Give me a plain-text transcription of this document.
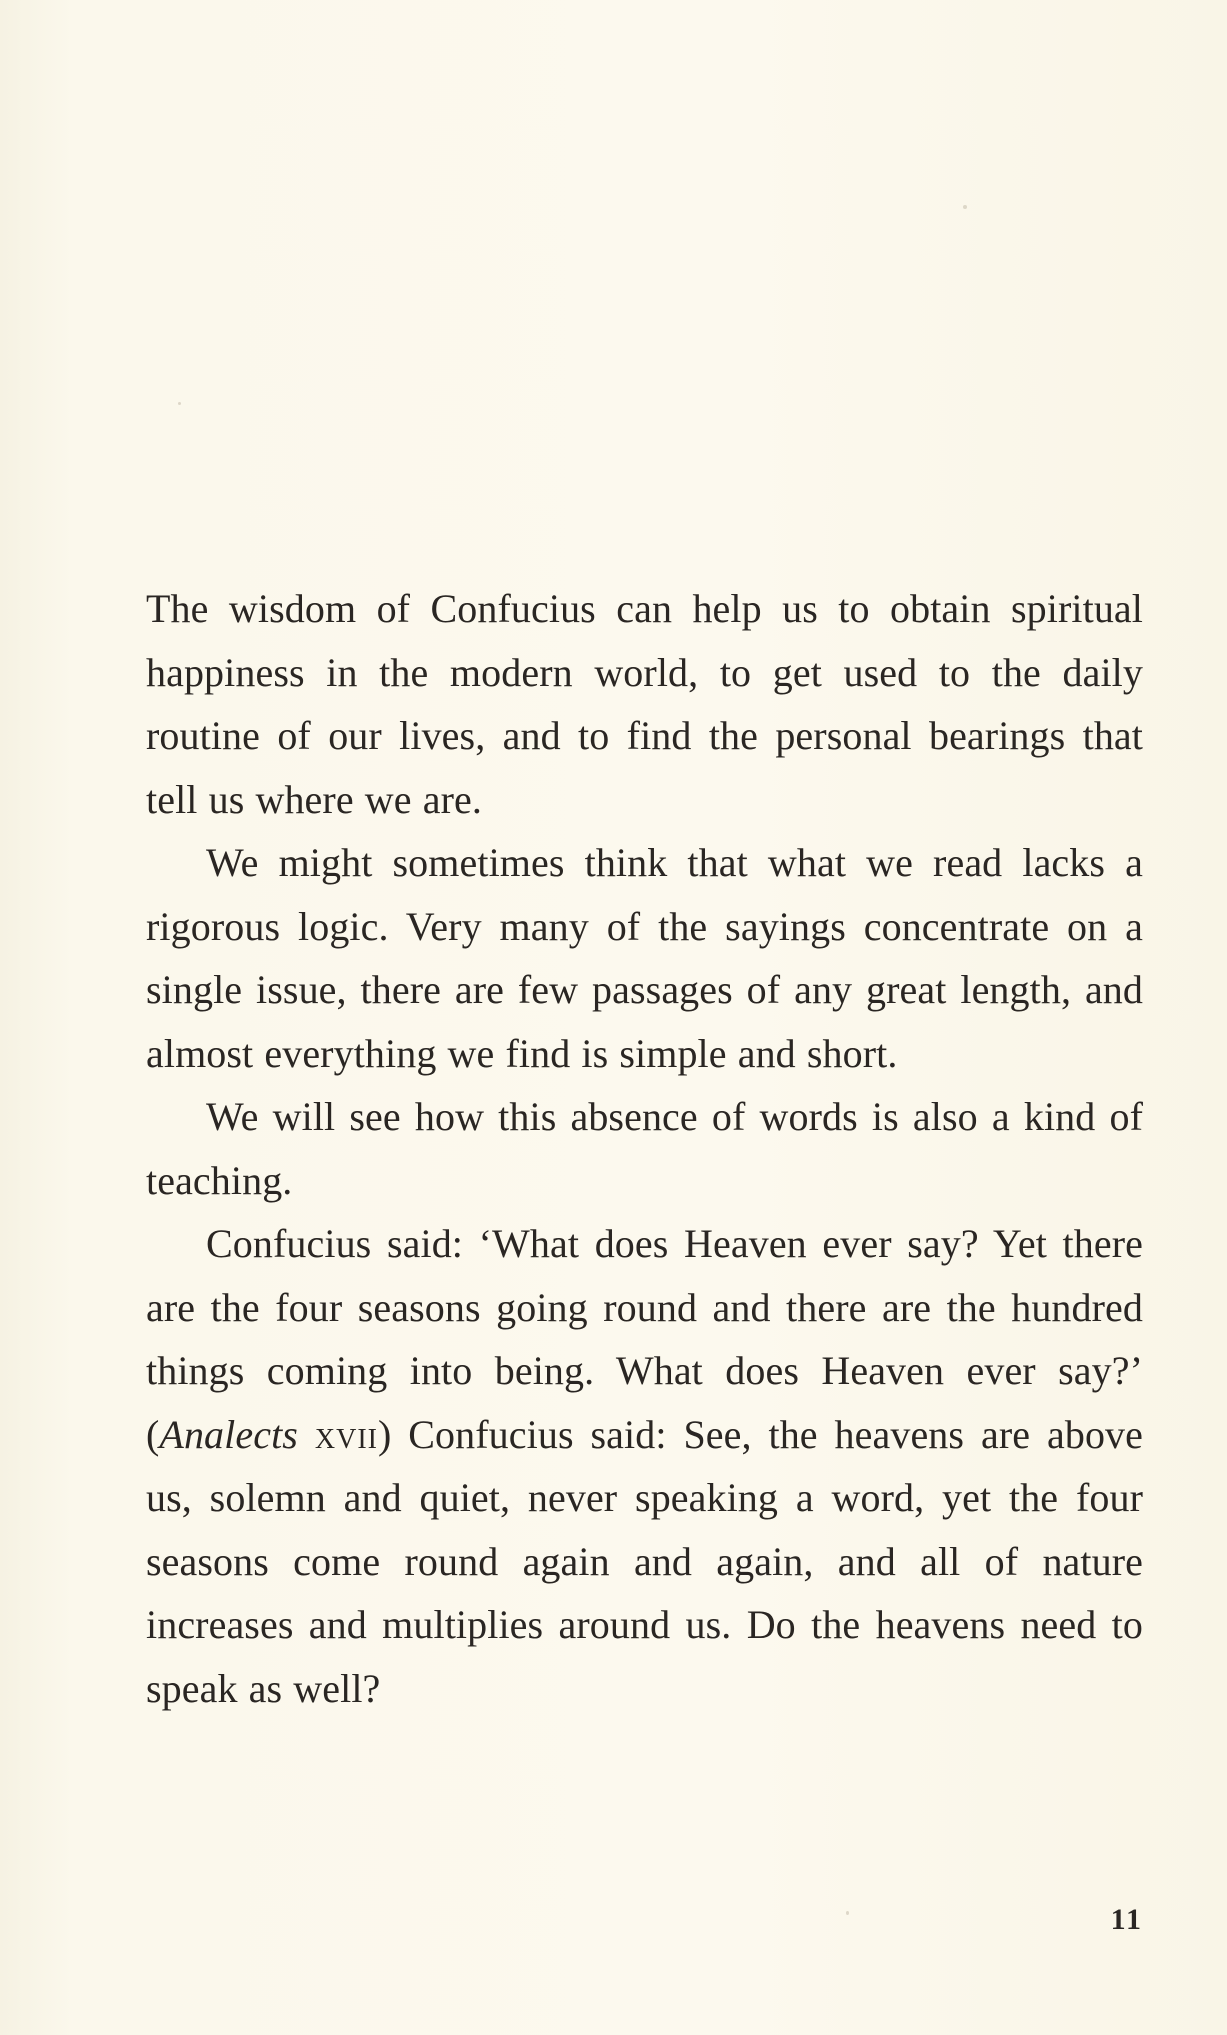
The wisdom of Confucius can help us to obtain spiritual happiness in the modern world, to get used to the daily routine of our lives, and to find the personal bearings that tell us where we are.

We might sometimes think that what we read lacks a rigorous logic. Very many of the sayings concentrate on a single issue, there are few passages of any great length, and almost everything we find is simple and short.

We will see how this absence of words is also a kind of teaching.

Confucius said: ‘What does Heaven ever say? Yet there are the four seasons going round and there are the hundred things coming into being. What does Heaven ever say?’ (Analects xvii) Confucius said: See, the heavens are above us, solemn and quiet, never speaking a word, yet the four seasons come round again and again, and all of nature increases and multiplies around us. Do the heavens need to speak as well?

11
